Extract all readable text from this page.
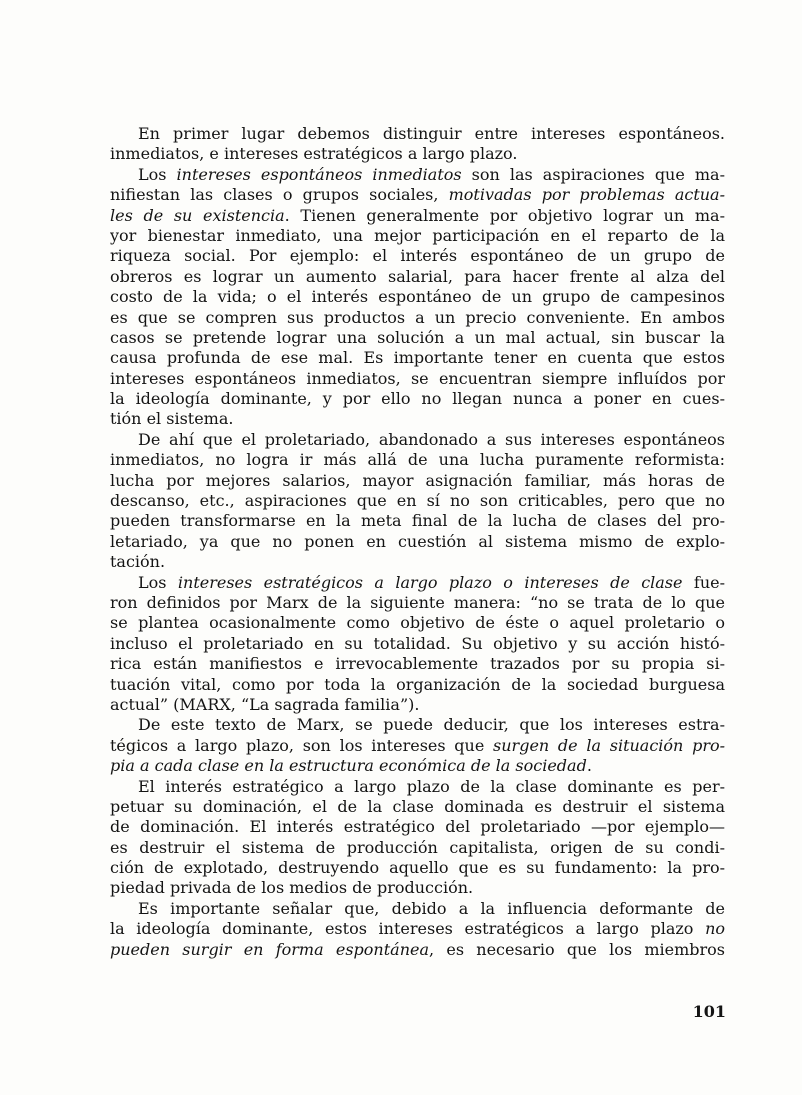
En primer lugar debemos distinguir entre intereses espontáneos.
inmediatos, e intereses estratégicos a largo plazo.
Los intereses espontáneos inmediatos son las aspiraciones que ma-
nifiestan las clases o grupos sociales, motivadas por problemas actua-
les de su existencia. Tienen generalmente por objetivo lograr un ma-
yor bienestar inmediato, una mejor participación en el reparto de la
riqueza social. Por ejemplo: el interés espontáneo de un grupo de
obreros es lograr un aumento salarial, para hacer frente al alza del
costo de la vida; o el interés espontáneo de un grupo de campesinos
es que se compren sus productos a un precio conveniente. En ambos
casos se pretende lograr una solución a un mal actual, sin buscar la
causa profunda de ese mal. Es importante tener en cuenta que estos
intereses espontáneos inmediatos, se encuentran siempre influídos por
la ideología dominante, y por ello no llegan nunca a poner en cues-
tión el sistema.
De ahí que el proletariado, abandonado a sus intereses espontáneos
inmediatos, no logra ir más allá de una lucha puramente reformista:
lucha por mejores salarios, mayor asignación familiar, más horas de
descanso, etc., aspiraciones que en sí no son criticables, pero que no
pueden transformarse en la meta final de la lucha de clases del pro-
letariado, ya que no ponen en cuestión al sistema mismo de explo-
tación.
Los intereses estratégicos a largo plazo o intereses de clase fue-
ron definidos por Marx de la siguiente manera: “no se trata de lo que
se plantea ocasionalmente como objetivo de éste o aquel proletario o
incluso el proletariado en su totalidad. Su objetivo y su acción histó-
rica están manifiestos e irrevocablemente trazados por su propia si-
tuación vital, como por toda la organización de la sociedad burguesa
actual” (MARX, “La sagrada familia”).
De este texto de Marx, se puede deducir, que los intereses estra-
tégicos a largo plazo, son los intereses que surgen de la situación pro-
pia a cada clase en la estructura económica de la sociedad.
El interés estratégico a largo plazo de la clase dominante es per-
petuar su dominación, el de la clase dominada es destruir el sistema
de dominación. El interés estratégico del proletariado —por ejemplo—
es destruir el sistema de producción capitalista, origen de su condi-
ción de explotado, destruyendo aquello que es su fundamento: la pro-
piedad privada de los medios de producción.
Es importante señalar que, debido a la influencia deformante de
la ideología dominante, estos intereses estratégicos a largo plazo no
pueden surgir en forma espontánea, es necesario que los miembros
101
